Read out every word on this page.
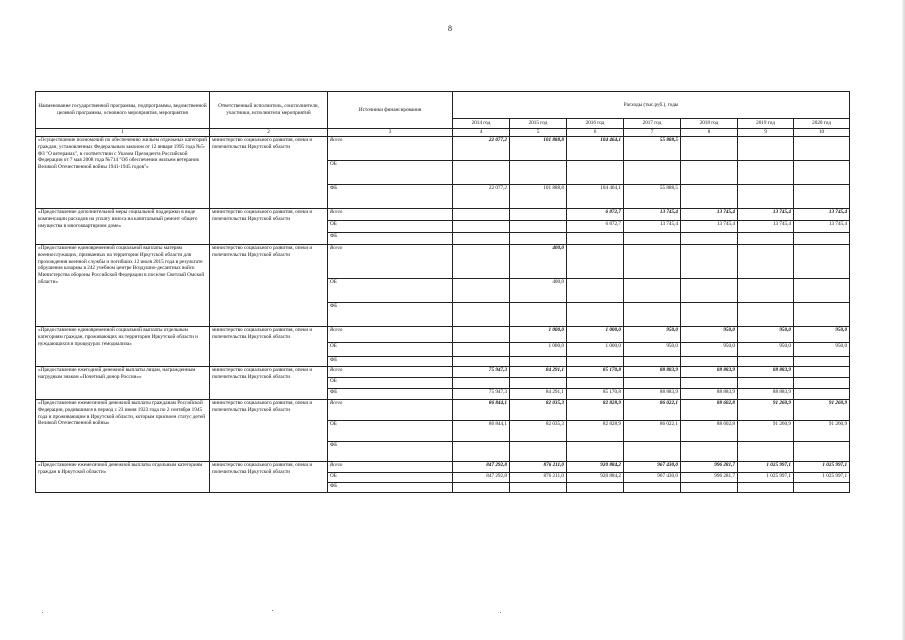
8
Наименование государственной программы, подпрограммы, ведомственной целевой программы, основного мероприятия, мероприятия	Ответственный исполнитель, соисполнители, участники, исполнители мероприятий	Источники финансирования	Расходы (тыс.руб.), годы						
			2014 год	2015 год	2016 год	2017 год	2018 год	2019 год	2020 год
1	2	3	4	5	6	7	8	9	10
«Осуществление полномочий по обеспечению жильем отдельных категорий граждан, установленных Федеральным законом от 12 января 1995 года №5-ФЗ "О ветеранах", в соответствии с Указом Президента Российской Федерации от 7 мая 2008 года №714 "Об обеспечении жильем ветеранов Великой Отечественной войны 1941-1945 годов"»	министерство социального развития, опеки и попечительства Иркутской области	Всего	22 077,2	101 888,8	104 464,1	55 888,5			
		ОБ							
		ФБ	22 077,2	101 888,8	104 464,1	55 888,5			
«Предоставление дополнительной меры социальной поддержки в виде компенсации расходов на уплату взноса на капитальный ремонт общего имущества в многоквартирном доме»	министерство социального развития, опеки и попечительства Иркутской области	Всего			6 872,7	13 745,4	13 745,4	13 745,4	13 745,4
		ОБ			6 872,7	13 745,4	13 745,4	13 745,4	13 745,4
		ФБ							
«Предоставление единовременной социальной выплаты матерям военнослужащих, призванных на территории Иркутской области для прохождения военной службы и погибших 12 июля 2015 года в результате обрушения казармы в 242 учебном центре Воздушно-десантных войск Министерства обороны Российской Федерации в поселке Светлый Омской области»	министерство социального развития, опеки и попечительства Иркутской области	Всего		400,0					
		ОБ		400,0					
		ФБ							
«Предоставление единовременной социальной выплаты отдельным категориям граждан, проживающих на территории Иркутской области и нуждающихся в процедурах гемодиализа»	министерство социального развития, опеки и попечительства Иркутской области	Всего		1 000,0	1 000,0	950,0	950,0	950,0	950,0
		ОБ		1 000,0	1 000,0	950,0	950,0	950,0	950,0
		ФБ							
«Предоставление ежегодной денежной выплаты лицам, награжденным нагрудным знаком «Почетный донор России»»	министерство социального развития, опеки и попечительства Иркутской области	Всего	75 947,3	84 291,1	85 170,8	88 883,9	88 883,9	88 883,9	
		ОБ							
		ФБ	75 947,3	84 291,1	85 170,8	88 883,9	88 883,9	88 883,9	
«Предоставление ежемесячной денежной выплаты гражданам Российской Федерации, родившимся в период с 23 июня 1923 года по 2 сентября 1945 года и проживающим в Иркутской области, которым присвоен статус детей Великой Отечественной войны»	министерство социального развития, опеки и попечительства Иркутской области	Всего	86 844,1	82 035,3	82 828,9	86 022,1	88 602,8	91 260,9	91 260,9
		ОБ	86 844,1	82 035,3	82 828,9	86 022,1	88 602,8	91 260,9	91 260,9
		ФБ							
«Предоставление ежемесячной денежной выплаты отдельным категориям граждан в Иркутской области»	министерство социального развития, опеки и попечительства Иркутской области	Всего	847 292,8	876 211,0	920 884,2	967 430,0	996 281,7	1 025 997,1	1 025 997,1
		ОБ	847 292,8	876 211,0	920 884,2	967 430,0	996 281,7	1 025 997,1	1 025 997,1
		ФБ							
